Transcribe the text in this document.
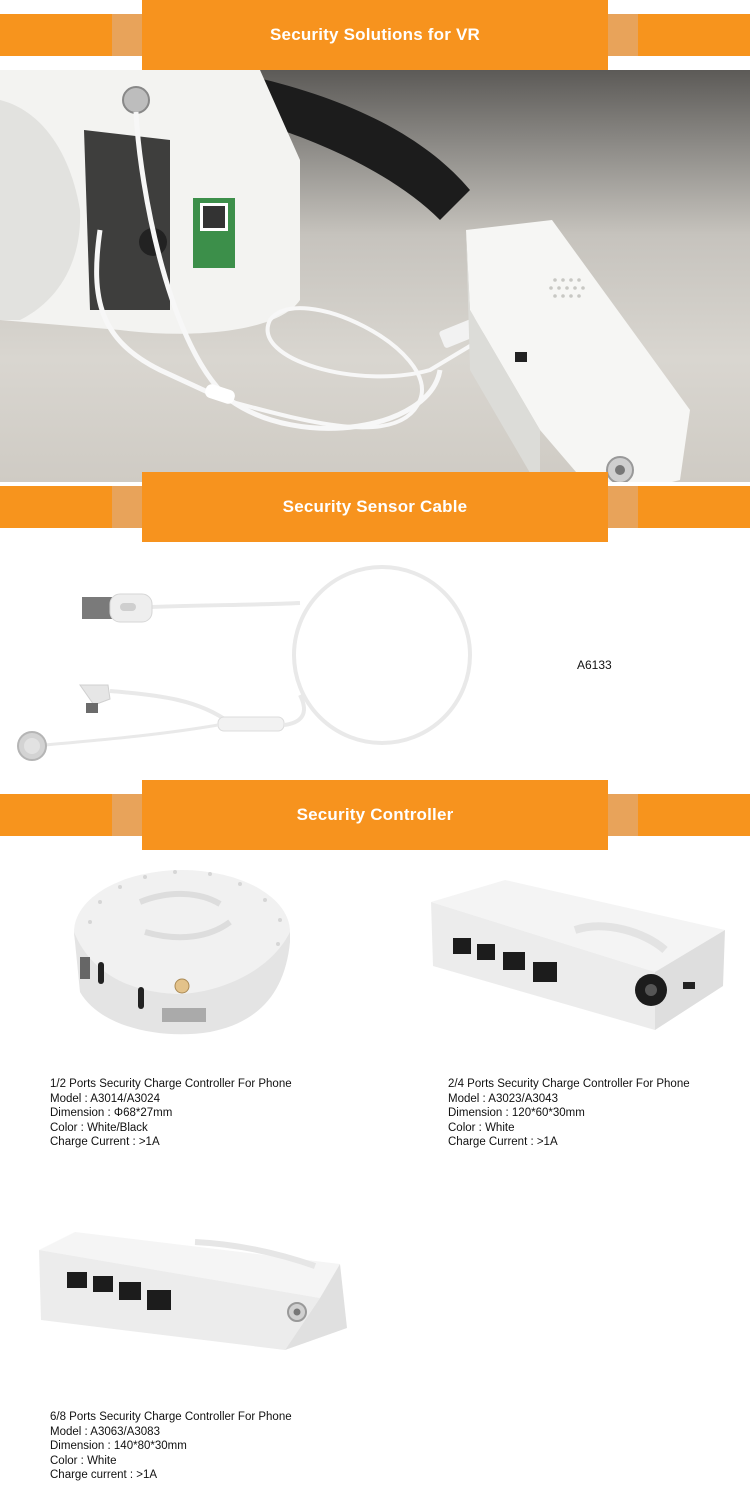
Security Solutions for VR
Security Sensor Cable
A6133
Security Controller
1/2 Ports Security Charge Controller For Phone
Model : A3014/A3024
Dimension : Φ68*27mm
Color : White/Black
Charge Current : >1A
2/4 Ports Security Charge Controller For Phone
Model : A3023/A3043
Dimension : 120*60*30mm
Color : White
Charge Current : >1A
6/8 Ports Security Charge Controller For Phone
Model : A3063/A3083
Dimension : 140*80*30mm
Color : White
Charge current : >1A
